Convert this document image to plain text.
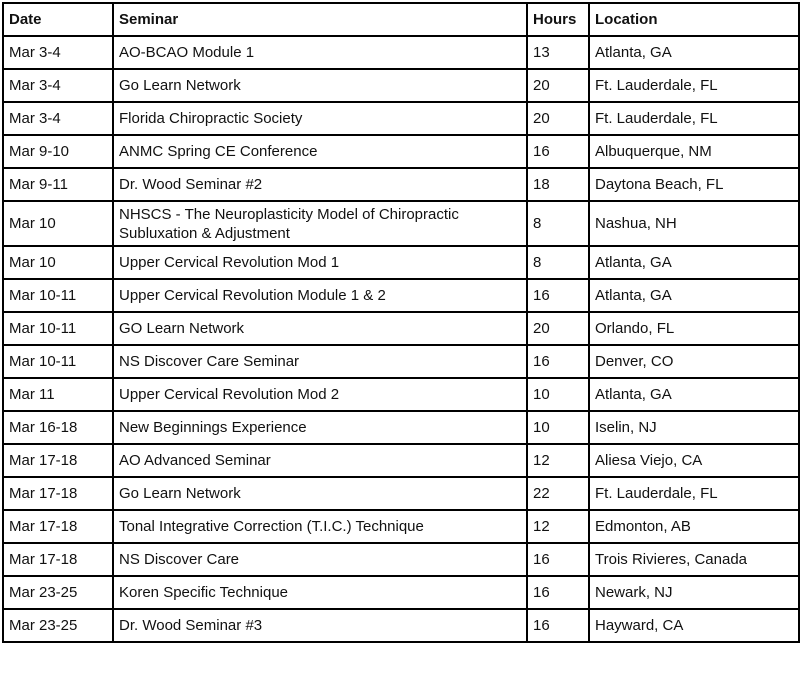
Date	Seminar	Hours	Location
Mar 3-4	AO-BCAO Module 1	13	Atlanta, GA
Mar 3-4	Go Learn Network	20	Ft. Lauderdale, FL
Mar 3-4	Florida Chiropractic Society	20	Ft. Lauderdale, FL
Mar 9-10	ANMC Spring CE Conference	16	Albuquerque, NM
Mar 9-11	Dr. Wood Seminar #2	18	Daytona Beach, FL
Mar 10	NHSCS - The Neuroplasticity Model of Chiropractic Subluxation & Adjustment	8	Nashua, NH
Mar 10	Upper Cervical Revolution Mod 1	8	Atlanta, GA
Mar 10-11	Upper Cervical Revolution Module 1 & 2	16	Atlanta, GA
Mar 10-11	GO Learn Network	20	Orlando, FL
Mar 10-11	NS Discover Care Seminar	16	Denver, CO
Mar 11	Upper Cervical Revolution Mod 2	10	Atlanta, GA
Mar 16-18	New Beginnings Experience	10	Iselin, NJ
Mar 17-18	AO Advanced Seminar	12	Aliesa Viejo, CA
Mar 17-18	Go Learn Network	22	Ft. Lauderdale, FL
Mar 17-18	Tonal Integrative Correction (T.I.C.) Technique	12	Edmonton, AB
Mar 17-18	NS Discover Care	16	Trois Rivieres, Canada
Mar 23-25	Koren Specific Technique	16	Newark, NJ
Mar 23-25	Dr. Wood Seminar #3	16	Hayward, CA
